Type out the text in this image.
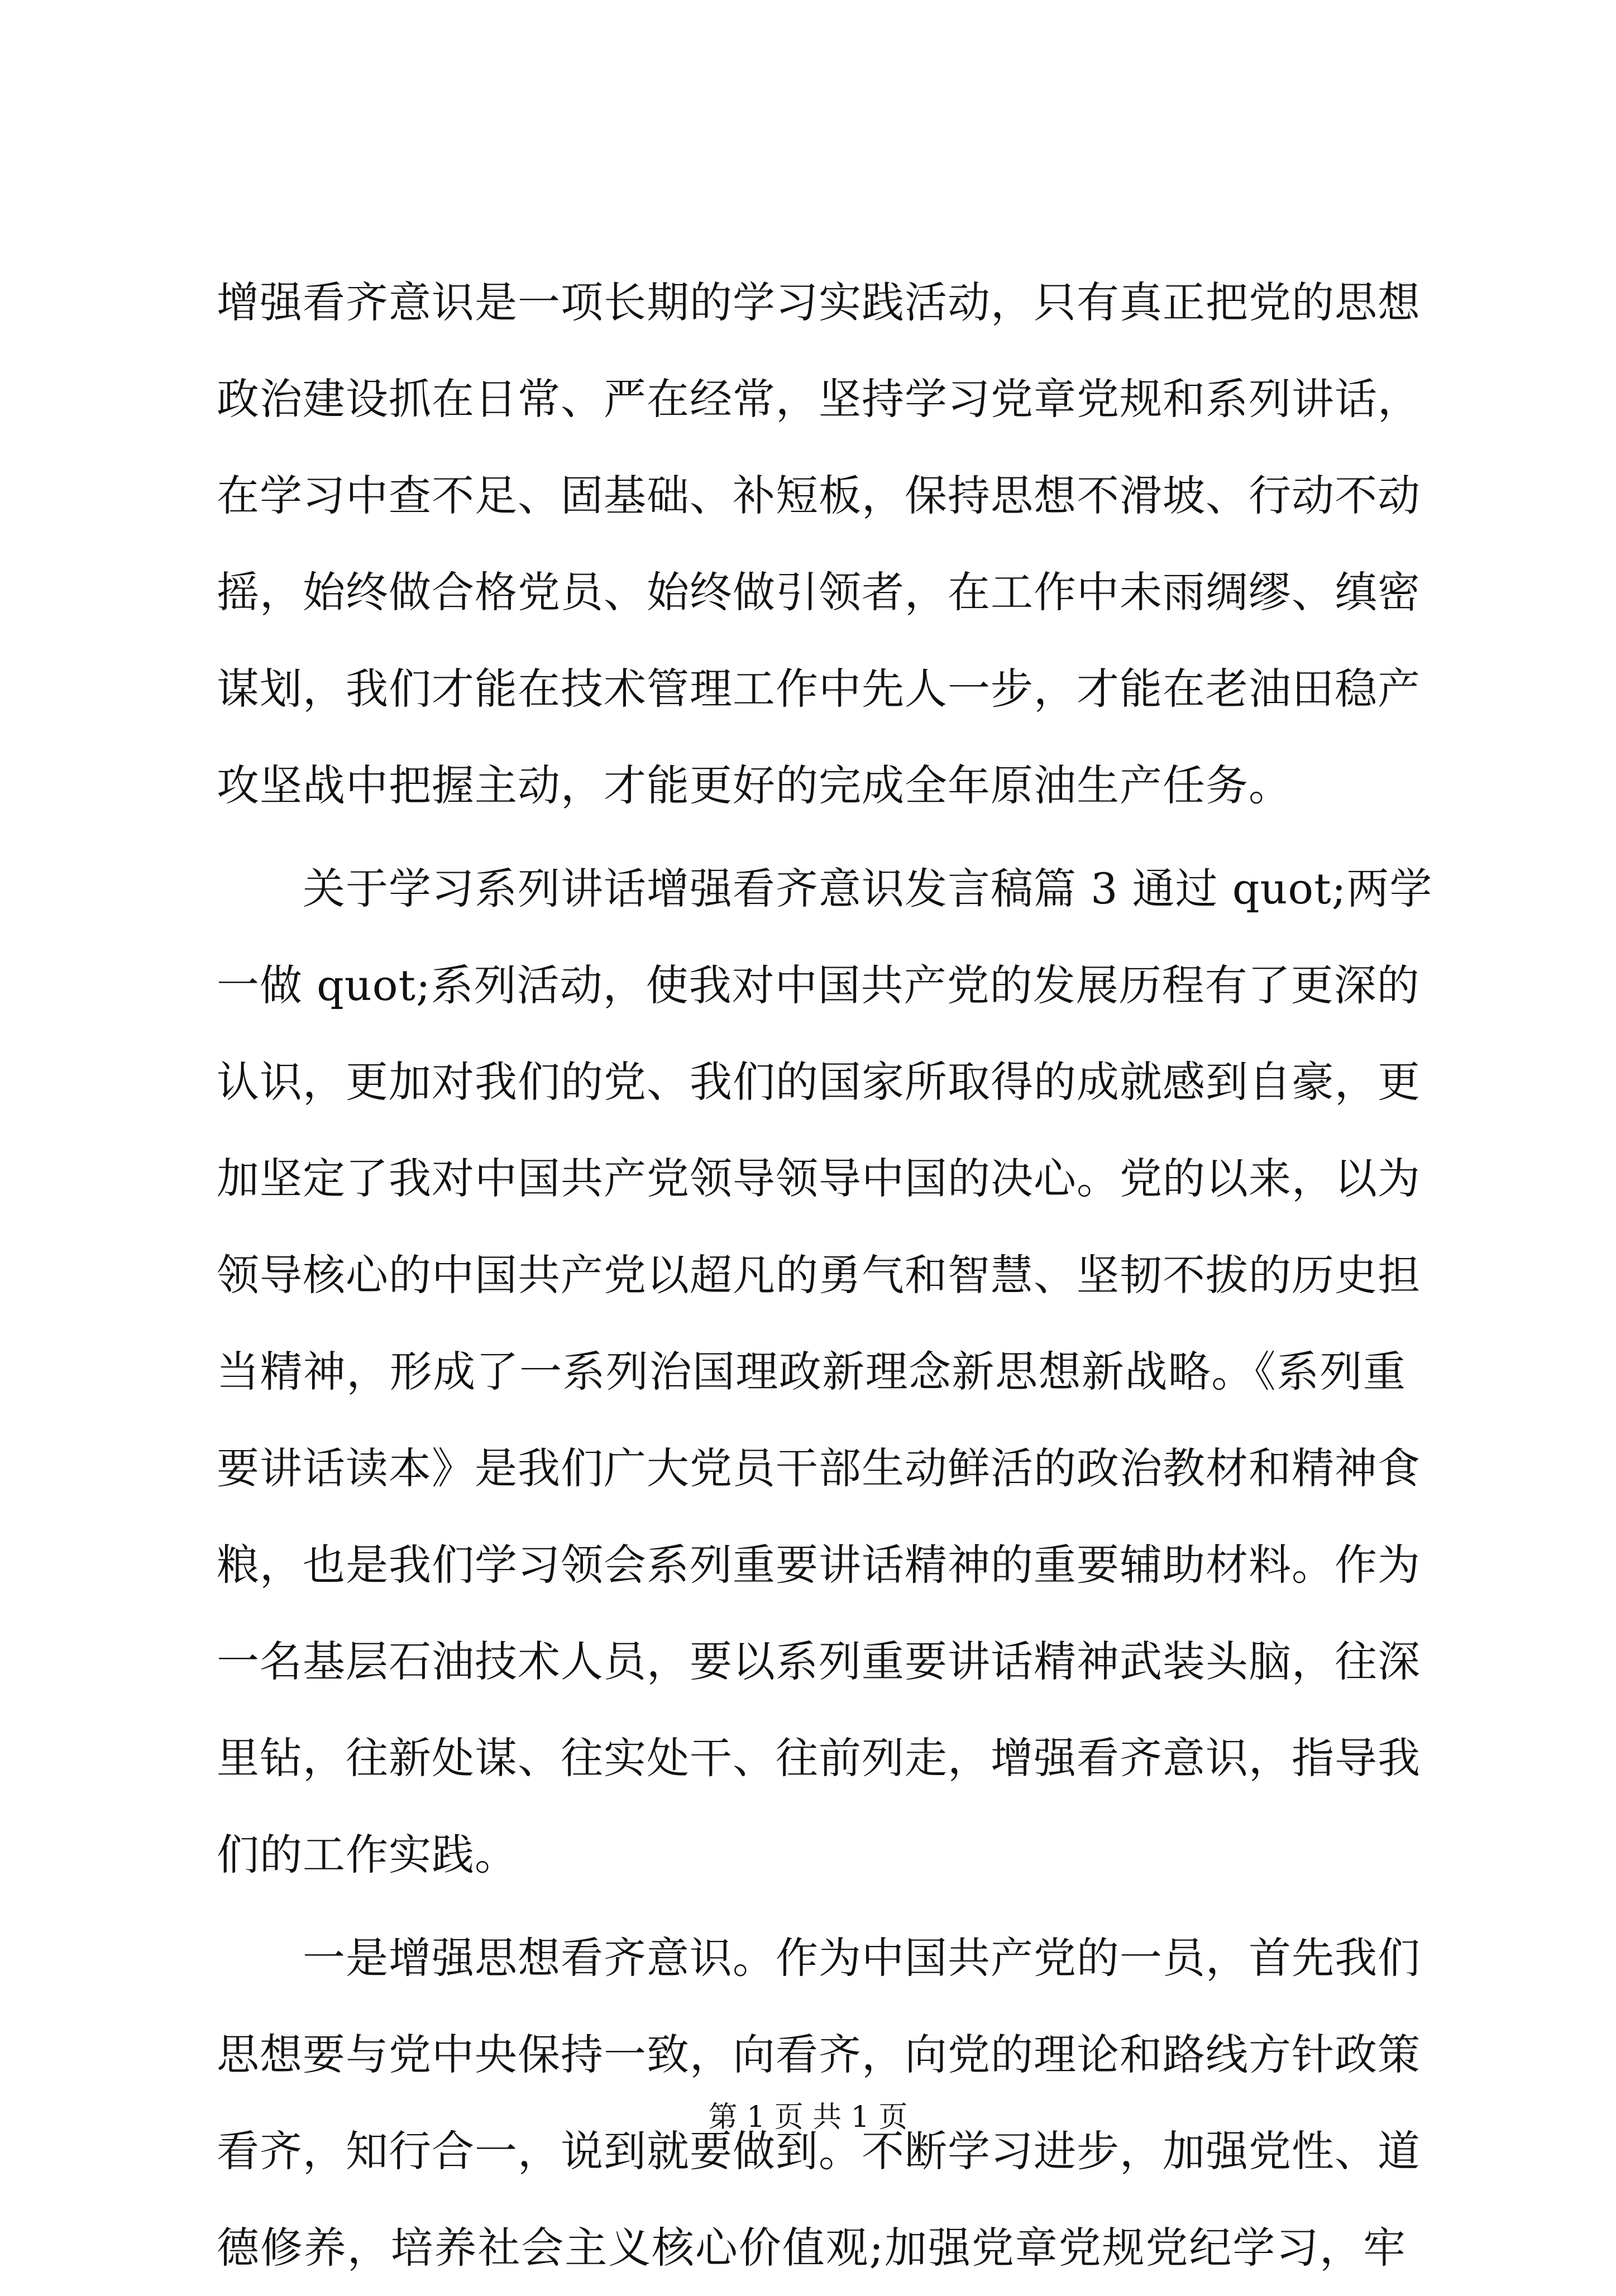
增强看齐意识是一项长期的学习实践活动，只有真正把党的思想
政治建设抓在日常、严在经常，坚持学习党章党规和系列讲话，
在学习中查不足、固基础、补短板，保持思想不滑坡、行动不动
摇，始终做合格党员、始终做引领者，在工作中未雨绸缪、缜密
谋划，我们才能在技术管理工作中先人一步，才能在老油田稳产
攻坚战中把握主动，才能更好的完成全年原油生产任务。
　　关于学习系列讲话增强看齐意识发言稿篇 3 通过 quot;两学
一做 quot;系列活动，使我对中国共产党的发展历程有了更深的
认识，更加对我们的党、我们的国家所取得的成就感到自豪，更
加坚定了我对中国共产党领导领导中国的决心。党的以来，以为
领导核心的中国共产党以超凡的勇气和智慧、坚韧不拔的历史担
当精神，形成了一系列治国理政新理念新思想新战略。《系列重
要讲话读本》是我们广大党员干部生动鲜活的政治教材和精神食
粮，也是我们学习领会系列重要讲话精神的重要辅助材料。作为
一名基层石油技术人员，要以系列重要讲话精神武装头脑，往深
里钻，往新处谋、往实处干、往前列走，增强看齐意识，指导我
们的工作实践。
　　一是增强思想看齐意识。作为中国共产党的一员，首先我们
思想要与党中央保持一致，向看齐，向党的理论和路线方针政策
看齐，知行合一，说到就要做到。不断学习进步，加强党性、道
德修养，培养社会主义核心价值观;加强党章党规党纪学习，牢
第 1 页 共 1 页
